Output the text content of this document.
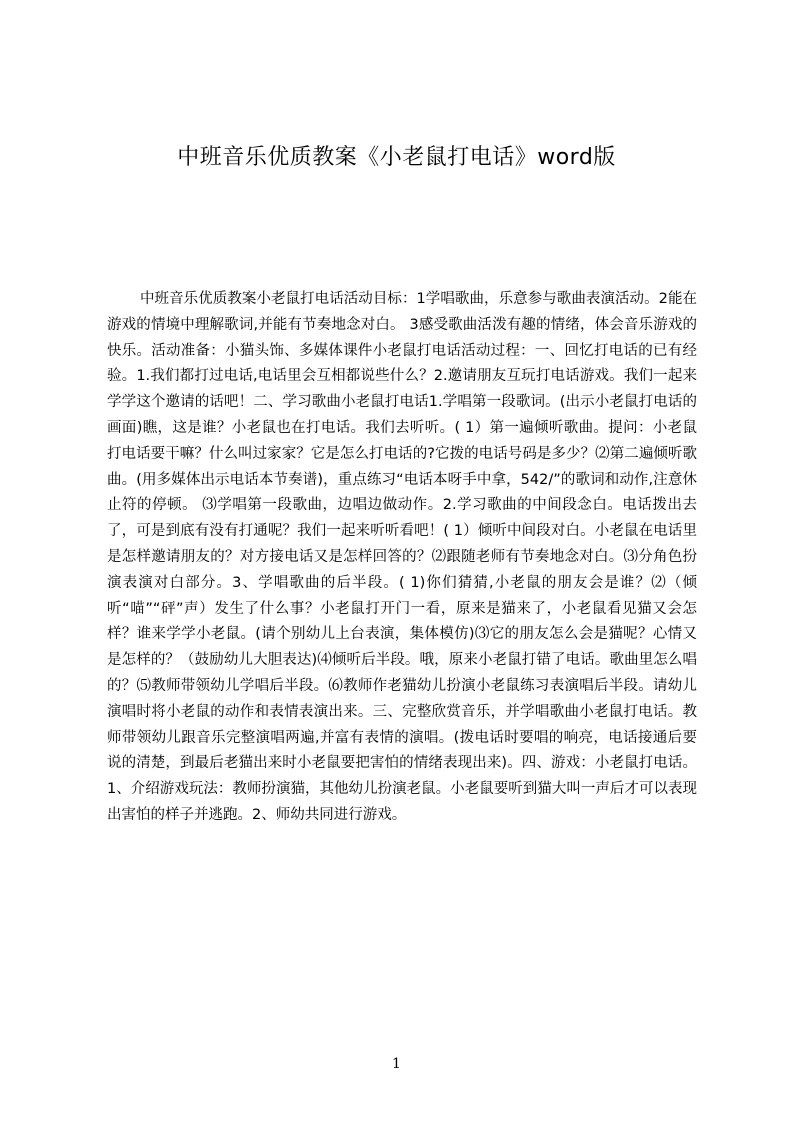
中班音乐优质教案《小老鼠打电话》word版

中班音乐优质教案小老鼠打电话活动目标：1学唱歌曲，乐意参与歌曲表演活动。2能在游戏的情境中理解歌词,并能有节奏地念对白。 3感受歌曲活泼有趣的情绪，体会音乐游戏的快乐。活动准备：小猫头饰、多媒体课件小老鼠打电话活动过程：一、回忆打电话的已有经验。1.我们都打过电话,电话里会互相都说些什么？2.邀请朋友互玩打电话游戏。我们一起来学学这个邀请的话吧！二、学习歌曲小老鼠打电话1.学唱第一段歌词。(出示小老鼠打电话的画面)瞧，这是谁？小老鼠也在打电话。我们去听听。( 1）第一遍倾听歌曲。提问：小老鼠打电话要干嘛？什么叫过家家？它是怎么打电话的?它拨的电话号码是多少？⑵第二遍倾听歌曲。(用多媒体出示电话本节奏谱)，重点练习“电话本呀手中拿，542/”的歌词和动作,注意休止符的停顿。 ⑶学唱第一段歌曲，边唱边做动作。2.学习歌曲的中间段念白。电话拨出去了，可是到底有没有打通呢？我们一起来听听看吧！( 1）倾听中间段对白。小老鼠在电话里是怎样邀请朋友的？对方接电话又是怎样回答的？⑵跟随老师有节奏地念对白。⑶分角色扮演表演对白部分。3、学唱歌曲的后半段。( 1)你们猜猜,小老鼠的朋友会是谁？⑵（倾听“喵”“砰”声）发生了什么事？小老鼠打开门一看，原来是猫来了，小老鼠看见猫又会怎样？谁来学学小老鼠。(请个别幼儿上台表演，集体模仿)⑶它的朋友怎么会是猫呢？心情又是怎样的？（鼓励幼儿大胆表达)⑷倾听后半段。哦，原来小老鼠打错了电话。歌曲里怎么唱的？⑸教师带领幼儿学唱后半段。⑹教师作老猫幼儿扮演小老鼠练习表演唱后半段。请幼儿演唱时将小老鼠的动作和表情表演出来。三、完整欣赏音乐，并学唱歌曲小老鼠打电话。教师带领幼儿跟音乐完整演唱两遍,并富有表情的演唱。(拨电话时要唱的响亮，电话接通后要说的清楚，到最后老猫出来时小老鼠要把害怕的情绪表现出来)。四、游戏：小老鼠打电话。1、介绍游戏玩法：教师扮演猫，其他幼儿扮演老鼠。小老鼠要听到猫大叫一声后才可以表现出害怕的样子并逃跑。2、师幼共同进行游戏。

1
